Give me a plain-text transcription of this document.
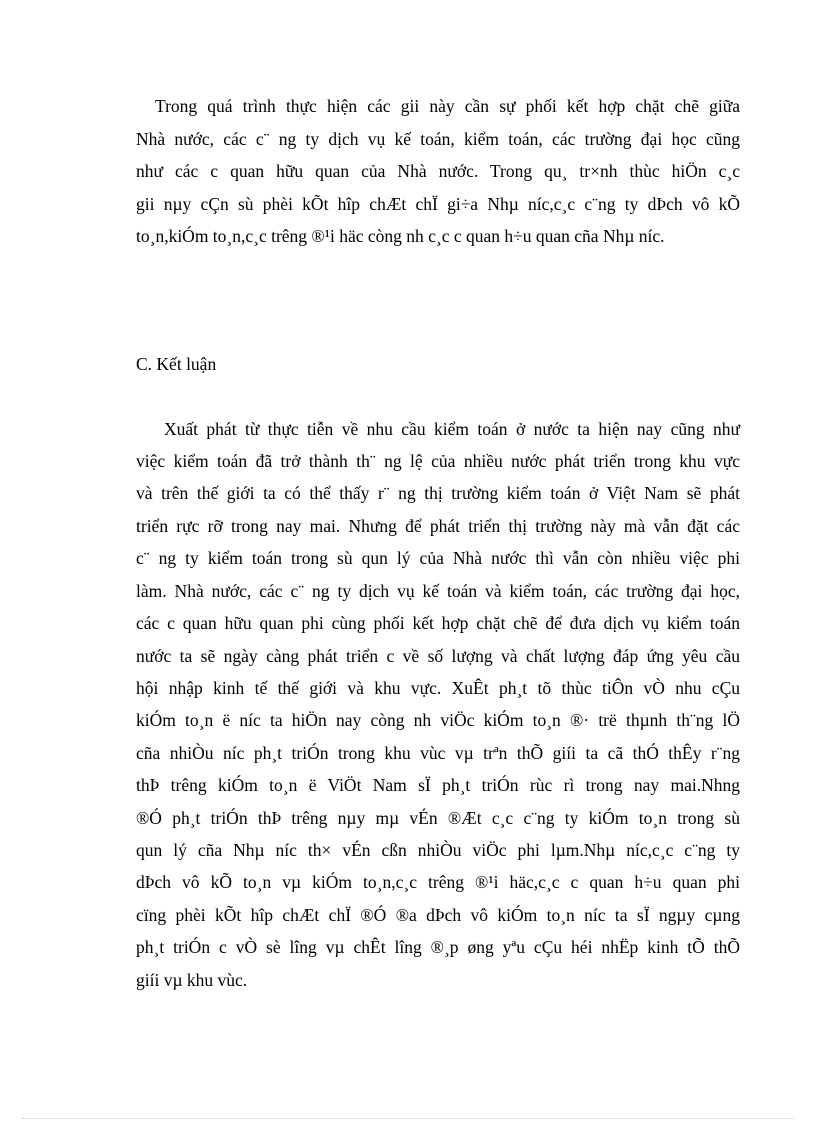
Trong quá trình thực hiện các gii này cần sự phối kết hợp chặt chẽ giữa
Nhà nước, các c¨ ng ty dịch vụ kế toán, kiểm toán, các trường đại học cũng
như các c quan hữu quan của Nhà nước. Trong qu¸ tr×nh thùc hiÖn c¸c
gii nµy cÇn sù phèi kÕt hîp chÆt chÏ gi÷a Nhµ níc,c¸c c¨ng ty dÞch vô kÕ
to¸n,kiÓm to¸n,c¸c trêng ®¹i häc còng nh c¸c c quan h÷u quan cña Nhµ níc.
C. Kết luận
Xuất phát từ thực tiễn về nhu cầu kiểm toán ở nước ta hiện nay cũng như
việc kiểm toán đã trở thành th¨ ng lệ của nhiều nước phát triển trong khu vực
và trên thế giới ta có thể thấy r¨ ng thị trường kiểm toán ở Việt Nam sẽ phát
triển rực rỡ trong nay mai. Nhưng để phát triển thị trường này mà vẫn đặt các
c¨ ng ty kiểm toán trong sù qun lý của Nhà nước thì vẫn còn nhiều việc phi
làm. Nhà nước, các c¨ ng ty dịch vụ kế toán và kiểm toán, các trường đại học,
các c quan hữu quan phi cùng phối kết hợp chặt chẽ để đưa dịch vụ kiểm toán
nước ta sẽ ngày càng phát triển c về số lượng và chất lượng đáp ứng yêu cầu
hội nhập kinh tế thế giới và khu vực. XuÊt ph¸t tõ thùc tiÔn vÒ nhu cÇu
kiÓm to¸n ë níc ta hiÖn nay còng nh viÖc kiÓm to¸n ®· trë thµnh th¨ng lÖ
cña nhiÒu níc ph¸t triÓn trong khu vùc vµ trªn thÕ giíi ta cã thÓ thÊy r¨ng
thÞ trêng kiÓm to¸n ë ViÖt Nam sÏ ph¸t triÓn rùc rì trong nay mai.Nhng
®Ó ph¸t triÓn thÞ trêng nµy mµ vÉn ®Æt c¸c c¨ng ty kiÓm to¸n trong sù
qun lý cña Nhµ níc th× vÉn cßn nhiÒu viÖc phi lµm.Nhµ níc,c¸c c¨ng ty
dÞch vô kÕ to¸n vµ kiÓm to¸n,c¸c trêng ®¹i häc,c¸c c quan h÷u quan phi
cïng phèi kÕt hîp chÆt chÏ ®Ó ®a dÞch vô kiÓm to¸n níc ta sÏ ngµy cµng
ph¸t triÓn c vÒ sè lîng vµ chÊt lîng ®¸p øng yªu cÇu héi nhËp kinh tÕ thÕ
giíi vµ khu vùc.
